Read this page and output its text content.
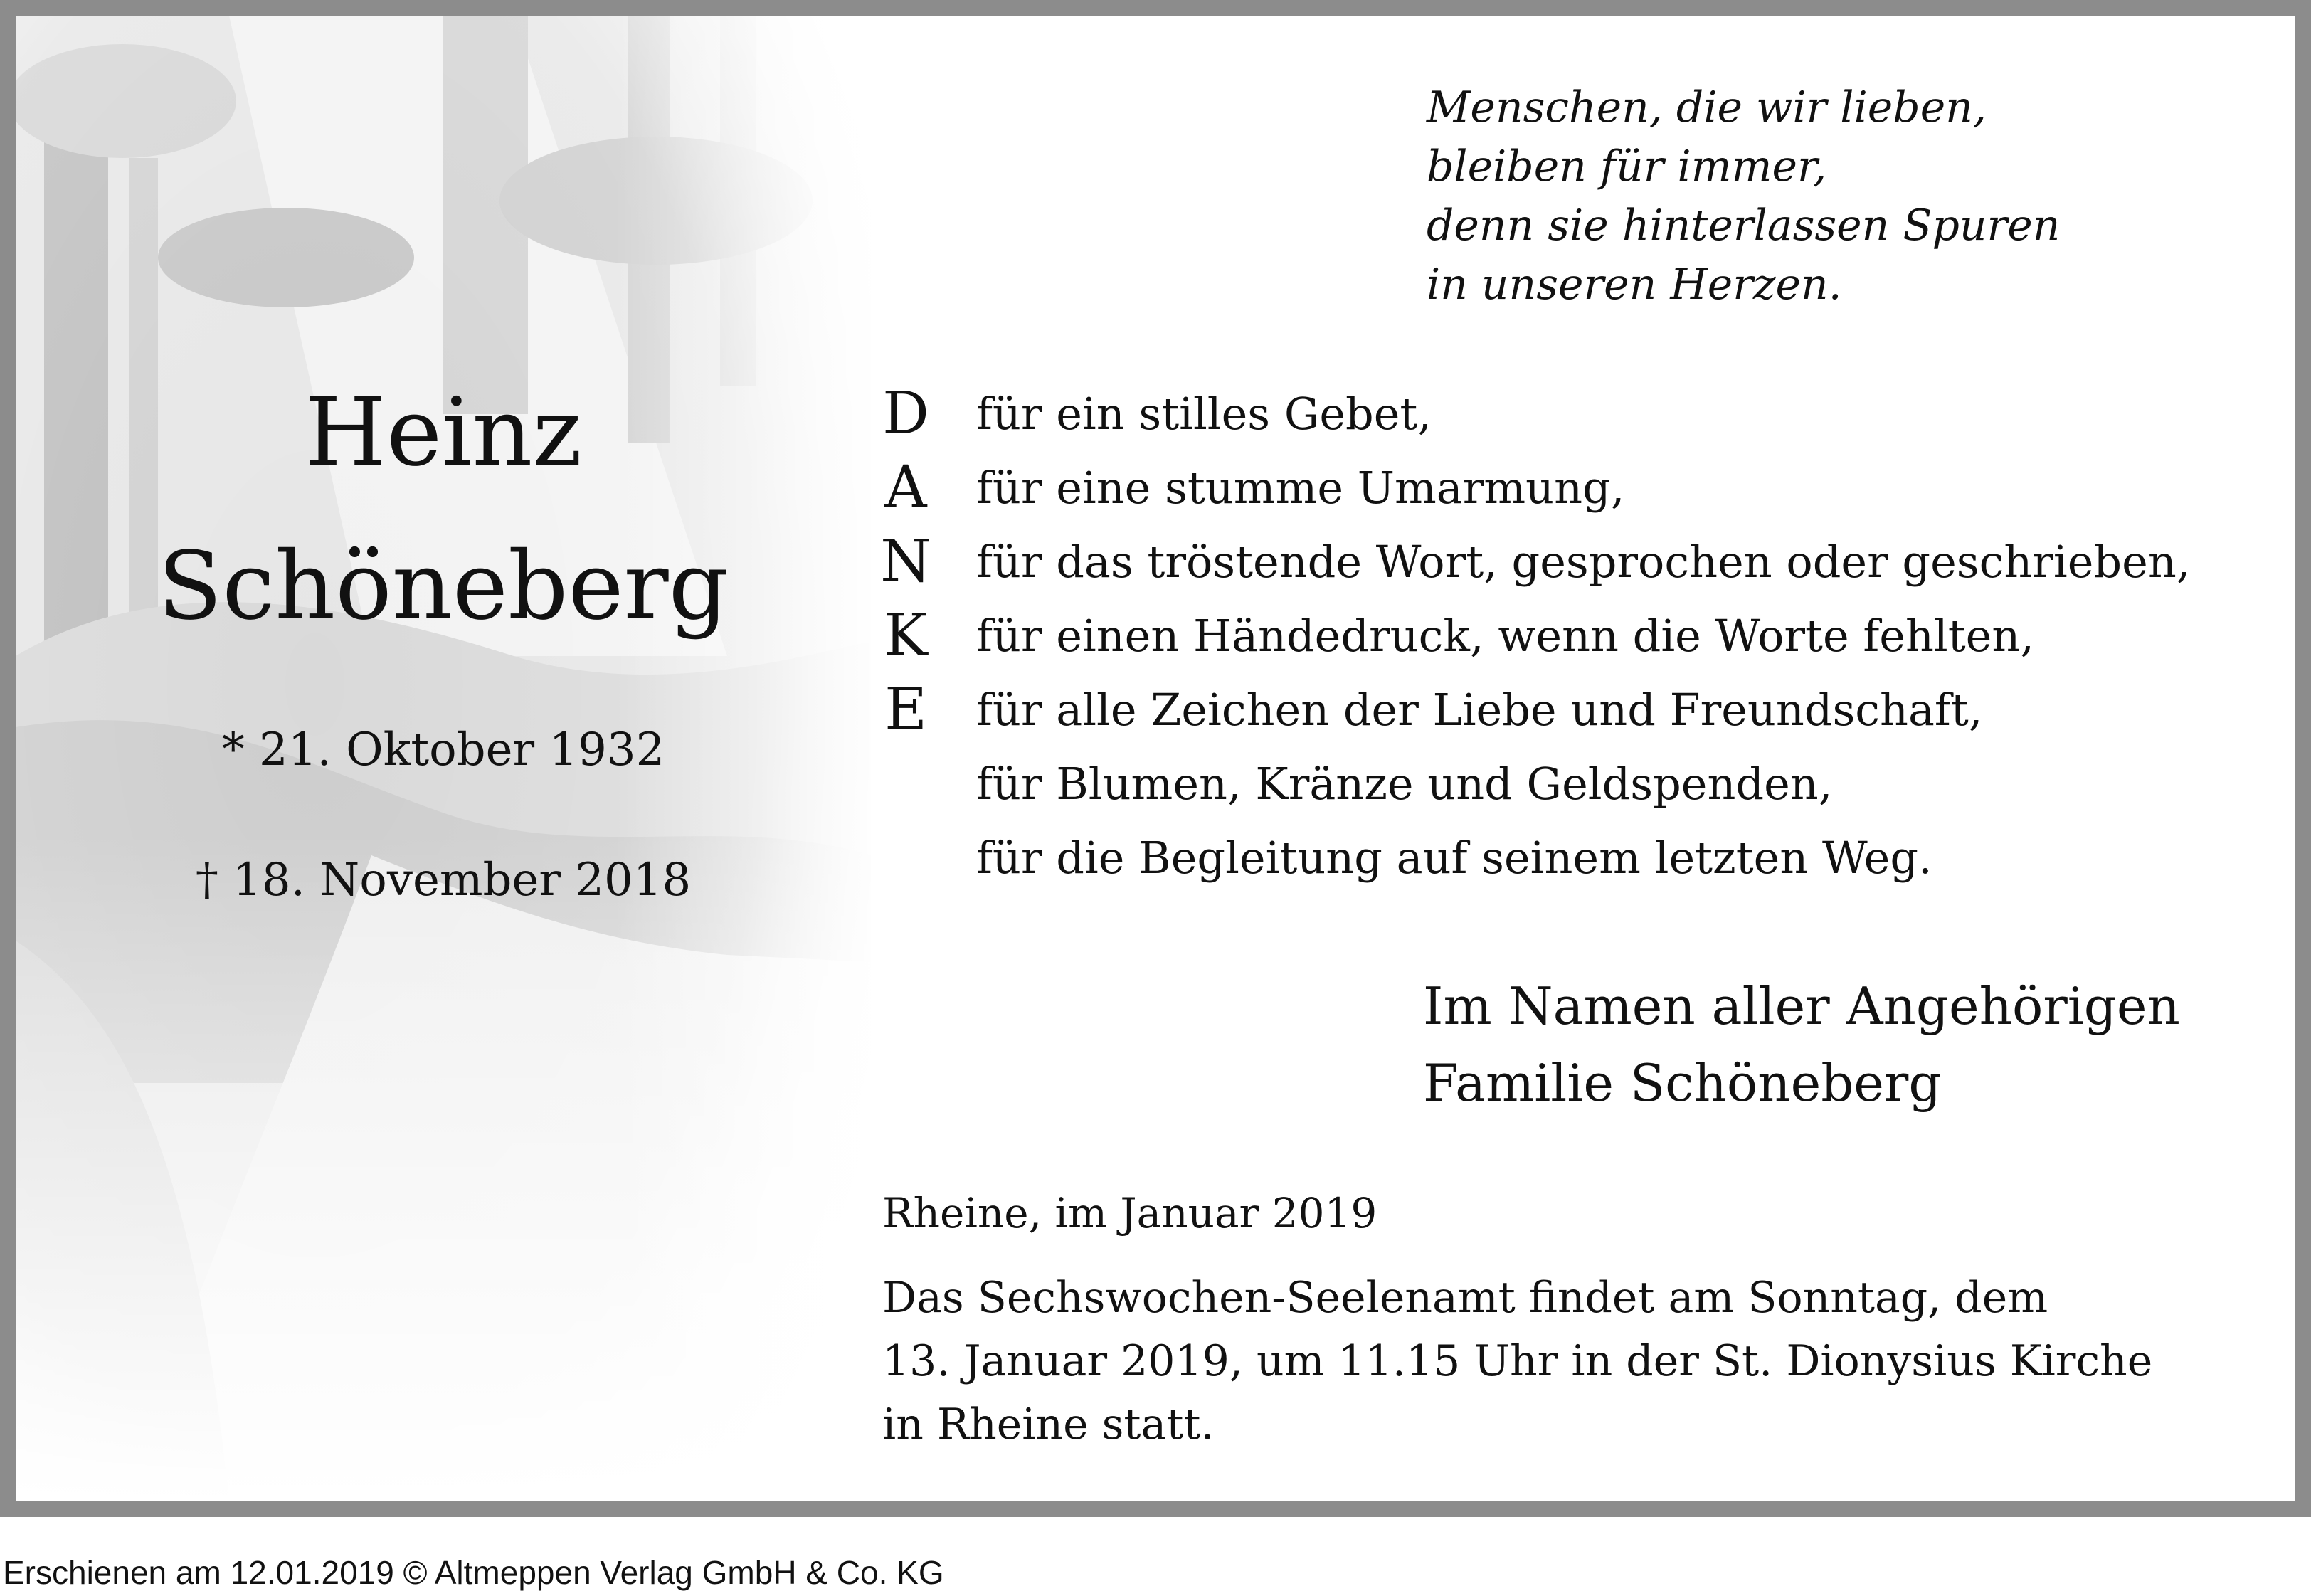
Heinz
Schöneberg
* 21. Oktober 1932
† 18. November 2018
Menschen, die wir lieben,
bleiben für immer,
denn sie hinterlassen Spuren
in unseren Herzen.
D
A
N
K
E
für ein stilles Gebet,
für eine stumme Umarmung,
für das tröstende Wort, gesprochen oder geschrieben,
für einen Händedruck, wenn die Worte fehlten,
für alle Zeichen der Liebe und Freundschaft,
für Blumen, Kränze und Geldspenden,
für die Begleitung auf seinem letzten Weg.
Im Namen aller Angehörigen
Familie Schöneberg
Rheine, im Januar 2019
Das Sechswochen-Seelenamt findet am Sonntag, dem
13. Januar 2019, um 11.15 Uhr in der St. Dionysius Kirche
in Rheine statt.
Erschienen am 12.01.2019 © Altmeppen Verlag GmbH & Co. KG
